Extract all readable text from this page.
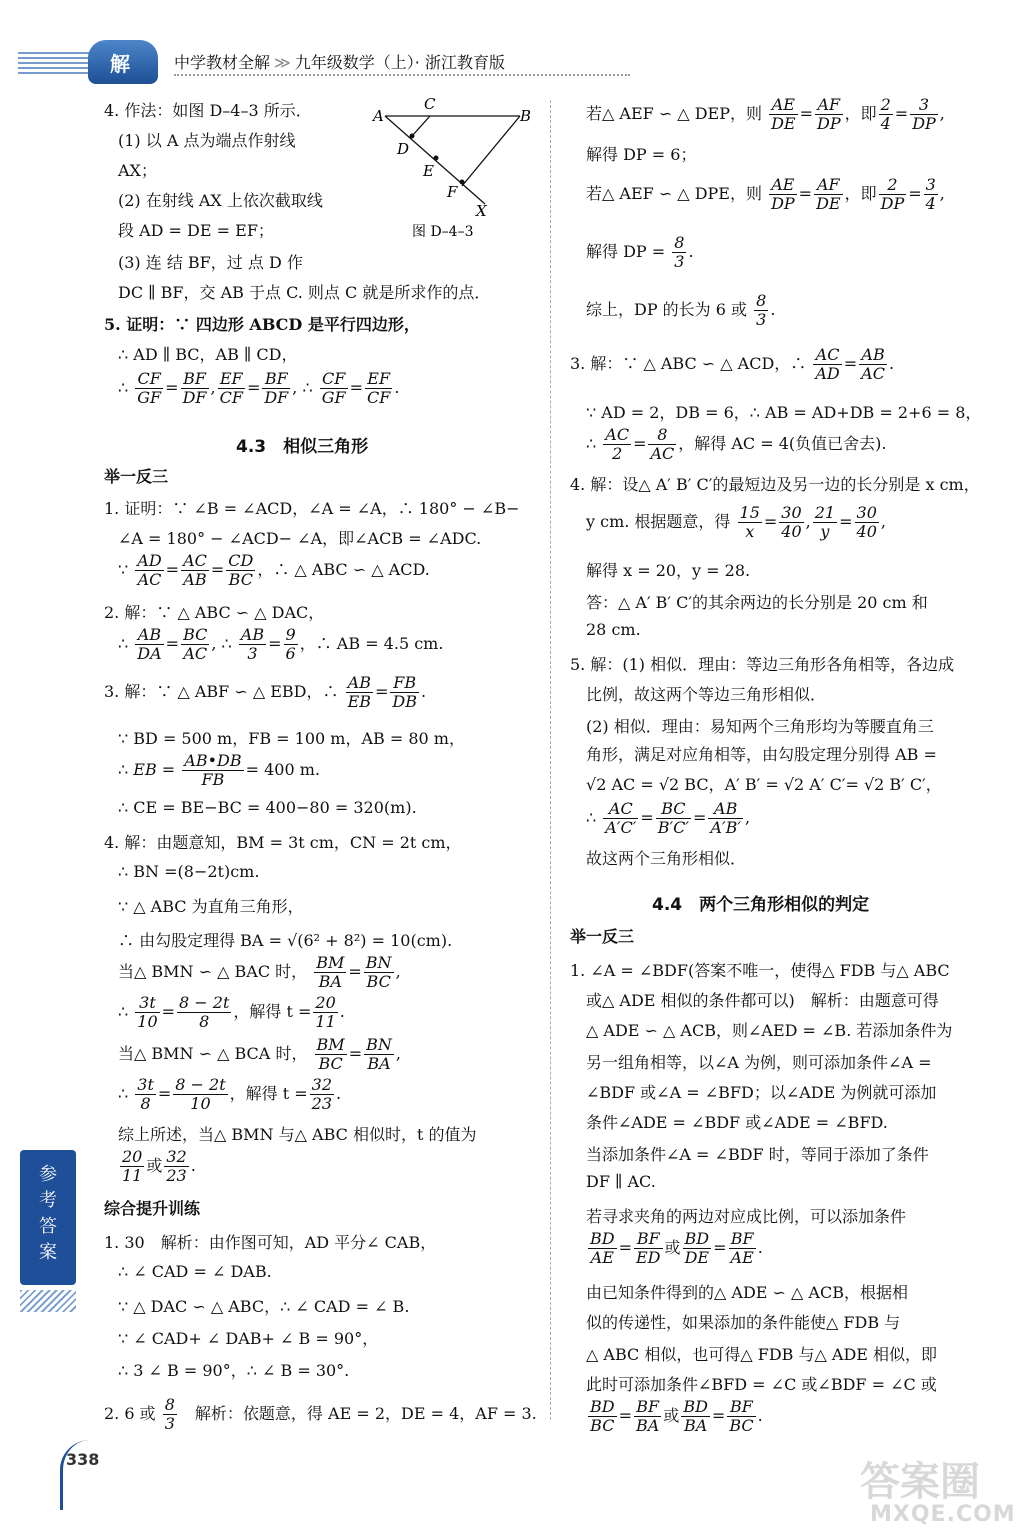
解	中学教材全解 ≫ 九年级数学（上）· 浙江教育版
4. 作法：如图 D–4–3 所示．
(1) 以 A 点为端点作射线
AX；
(2) 在射线 AX 上依次截取线
段 AD = DE = EF；
(3) 连 结 BF，过 点 D 作
DC ∥ BF，交 AB 于点 C. 则点 C 就是所求作的点．
A
C
B
D
E
F
X
图 D–4–3
5. 证明：∵ 四边形 ABCD 是平行四边形，
∴ AD ∥ BC，AB ∥ CD，
∴ $\frac{CF}{GF} = \frac{BF}{DF}$ , $\frac{EF}{CF} = \frac{BF}{DF}$ , ∴ $\frac{CF}{GF} = \frac{EF}{CF}$ .
4.3　相似三角形
举一反三
1. 证明：∵ ∠B = ∠ACD，∠A = ∠A，∴ 180° − ∠B−
∠A = 180° − ∠ACD− ∠A，即∠ACB = ∠ADC.
∵ $\frac{AD}{AC} = \frac{AC}{AB} = \frac{CD}{BC}$ ，∴ △ ABC ∽ △ ACD.
2. 解：∵ △ ABC ∽ △ DAC，
∴ $\frac{AB}{DA} = \frac{BC}{AC}$ , ∴ $\frac{AB}{3} = \frac{9}{6}$ ，∴ AB = 4.5 cm.
3. 解：∵ △ ABF ∽ △ EBD，∴ $\frac{AB}{EB} = \frac{FB}{DB}$ .
∵ BD = 500 m，FB = 100 m，AB = 80 m，
∴ EB = $\frac{AB•DB}{FB} = 400$ m.
∴ CE = BE−BC = 400−80 = 320(m).
4. 解：由题意知，BM = 3t cm，CN = 2t cm，
∴ BN =(8−2t)cm.
∵ △ ABC 为直角三角形，
∴ 由勾股定理得 BA = √(6² + 8²) = 10(cm).
当△ BMN ∽ △ BAC 时， $\frac{BM}{BA} = \frac{BN}{BC}$ ,
∴ $\frac{3t}{10} = \frac{8 - 2t}{8}$ ，解得 $t = \frac{20}{11}$ .
当△ BMN ∽ △ BCA 时， $\frac{BM}{BC} = \frac{BN}{BA}$ ,
∴ $\frac{3t}{8} = \frac{8 - 2t}{10}$ ，解得 $t = \frac{32}{23}$ .
综上所述，当△ BMN 与△ ABC 相似时，t 的值为
$\frac{20}{11}$ 或 $\frac{32}{23}$ .
综合提升训练
1. 30　解析：由作图可知，AD 平分∠ CAB，
∴ ∠ CAD = ∠ DAB.
∵ △ DAC ∽ △ ABC，∴ ∠ CAD = ∠ B.
∵ ∠ CAD+ ∠ DAB+ ∠ B = 90°，
∴ 3 ∠ B = 90°，∴ ∠ B = 30°.
2. 6 或 $\frac{8}{3}$
　 解析：依题意，得 AE = 2，DE = 4，AF = 3.
参考答案
338
若△ AEF ∽ △ DEP，则 $\frac{AE}{DE} = \frac{AF}{DP}$ ，即 $\frac{2}{4} = \frac{3}{DP}$ ,
解得 DP = 6；
若△ AEF ∽ △ DPE，则 $\frac{AE}{DP} = \frac{AF}{DE}$ ，即 $\frac{2}{DP} = \frac{3}{4}$ ,
解得 DP = $\frac{8}{3}$ .
综上，DP 的长为 6 或 $\frac{8}{3}$ .
3. 解：∵ △ ABC ∽ △ ACD，∴ $\frac{AC}{AD} = \frac{AB}{AC}$ .
∵ AD = 2，DB = 6，∴ AB = AD+DB = 2+6 = 8，
∴ $\frac{AC}{2} = \frac{8}{AC}$ ，解得 AC = 4(负值已舍去).
4. 解：设△ A′ B′ C′的最短边及另一边的长分别是 x cm，
y cm. 根据题意，得 $\frac{15}{x} = \frac{30}{40}$ , $\frac{21}{y} = \frac{30}{40}$ ,
解得 x = 20，y = 28.
答：△ A′ B′ C′的其余两边的长分别是 20 cm 和
28 cm.
5. 解：(1) 相似．理由：等边三角形各角相等，各边成
比例，故这两个等边三角形相似．
(2) 相似．理由：易知两个三角形均为等腰直角三
角形，满足对应角相等，由勾股定理分别得 AB =
√2 AC = √2 BC，A′ B′ = √2 A′ C′= √2 B′ C′，
∴ $\frac{AC}{A'C'} = \frac{BC}{B'C'} = \frac{AB}{A'B'}$ ,
故这两个三角形相似．
4.4　两个三角形相似的判定
举一反三
1. ∠A = ∠BDF(答案不唯一，使得△ FDB 与△ ABC
或△ ADE 相似的条件都可以)　解析：由题意可得
△ ADE ∽ △ ACB，则∠AED = ∠B. 若添加条件为
另一组角相等，以∠A 为例，则可添加条件∠A =
∠BDF 或∠A = ∠BFD；以∠ADE 为例就可添加
条件∠ADE = ∠BDF 或∠ADE = ∠BFD.
当添加条件∠A = ∠BDF 时，等同于添加了条件
DF ∥ AC.
若寻求夹角的两边对应成比例，可以添加条件
$\frac{BD}{AE} = \frac{BF}{ED}$ 或 $\frac{BD}{DE} = \frac{BF}{AE}$ .
由已知条件得到的△ ADE ∽ △ ACB，根据相
似的传递性，如果添加的条件能使△ FDB 与
△ ABC 相似，也可得△ FDB 与△ ADE 相似，即
此时可添加条件∠BFD = ∠C 或∠BDF = ∠C 或
$\frac{BD}{BC} = \frac{BF}{BA}$ 或 $\frac{BD}{BA} = \frac{BF}{BC}$ .
答案圈
MXQE.COM
